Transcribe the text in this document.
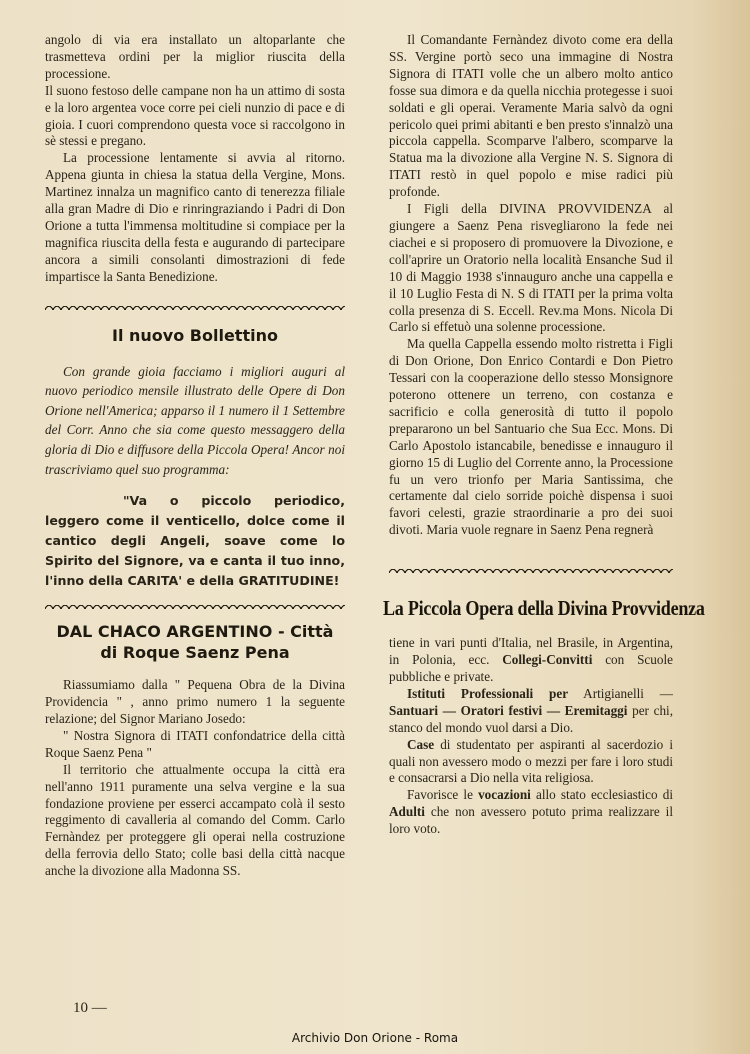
angolo di via era installato un altoparlante che trasmetteva ordini per la miglior riuscita della processione.

Il suono festoso delle campane non ha un attimo di sosta e la loro argentea voce corre pei cieli nunzio di pace e di gioia. I cuori comprendono questa voce si raccolgono in sè stessi e pregano.

La processione lentamente si avvia al ritorno. Appena giunta in chiesa la statua della Vergine, Mons. Martinez innalza un magnifico canto di tenerezza filiale alla gran Madre di Dio e rinringraziando i Padri di Don Orione a tutta l'immensa moltitudine si compiace per la magnifica riuscita della festa e augurando di partecipare ancora a simili consolanti dimostrazioni di fede impartisce la Santa Benedizione.

Il nuovo Bollettino

Con grande gioia facciamo i migliori auguri al nuovo periodico mensile illustrato delle Opere di Don Orione nell'America; apparso il 1 numero il 1 Settembre del Corr. Anno che sia come questo messaggero della gloria di Dio e diffusore della Piccola Opera! Ancor noi trascriviamo quel suo programma:

"Va o piccolo periodico, leggero come il venticello, dolce come il cantico degli Angeli, soave come lo Spirito del Signore, va e canta il tuo inno, l'inno della CARITA' e della GRATITUDINE!

DAL CHACO ARGENTINO - Città
di Roque Saenz Pena

Riassumiamo dalla " Pequena Obra de la Divina Providencia " , anno primo numero 1 la seguente relazione; del Signor Mariano Josedo:

" Nostra Signora di ITATI confondatrice della città Roque Saenz Pena "

Il territorio che attualmente occupa la città era nell'anno 1911 puramente una selva vergine e la sua fondazione proviene per esserci accampato colà il sesto reggimento di cavalleria al comando del Comm. Carlo Fernàndez per proteggere gli operai nella costruzione della ferrovia dello Stato; colle basi della città nacque anche la divozione alla Madonna SS.

Il Comandante Fernàndez divoto come era della SS. Vergine portò seco una immagine di Nostra Signora di ITATI volle che un albero molto antico fosse sua dimora e da quella nicchia protegesse i suoi soldati e gli operai. Veramente Maria salvò da ogni pericolo quei primi abitanti e ben presto s'innalzò una piccola cappella. Scomparve l'albero, scomparve la Statua ma la divozione alla Vergine N. S. Signora di ITATI restò in quel popolo e mise radici più profonde.

I Figli della DIVINA PROVVIDENZA al giungere a Saenz Pena risvegliarono la fede nei ciachei e si proposero di promuovere la Divozione, e coll'aprire un Oratorio nella località Ensanche Sud il 10 di Maggio 1938 s'innauguro anche una cappella e il 10 Luglio Festa di N. S di ITATI per la prima volta colla presenza di S. Eccell. Rev.ma Mons. Nicola Di Carlo si effetuò una solenne processione.

Ma quella Cappella essendo molto ristretta i Figli di Don Orione, Don Enrico Contardi e Don Pietro Tessari con la cooperazione dello stesso Monsignore poterono ottenere un terreno, con costanza e sacrificio e colla generosità di tutto il popolo prepararono un bel Santuario che Sua Ecc. Mons. Di Carlo Apostolo istancabile, benedisse e innauguro il giorno 15 di Luglio del Corrente anno, la Processione fu un vero trionfo per Maria Santissima, che certamente dal cielo sorride poichè dispensa i suoi favori celesti, grazie straordinarie a pro dei suoi divoti. Maria vuole regnare in Saenz Pena regnerà

La Piccola Opera della Divina Provvidenza

tiene in vari punti d'Italia, nel Brasile, in Argentina, in Polonia, ecc. Collegi-Convitti con Scuole pubbliche e private.

Istituti Professionali per Artigianelli — Santuari — Oratori festivi — Eremitaggi per chi, stanco del mondo vuol darsi a Dio.

Case di studentato per aspiranti al sacerdozio i quali non avessero modo o mezzi per fare i loro studi e consacrarsi a Dio nella vita religiosa.

Favorisce le vocazioni allo stato ecclesiastico di Adulti che non avessero potuto prima realizzare il loro voto.

10 —
Archivio Don Orione - Roma
